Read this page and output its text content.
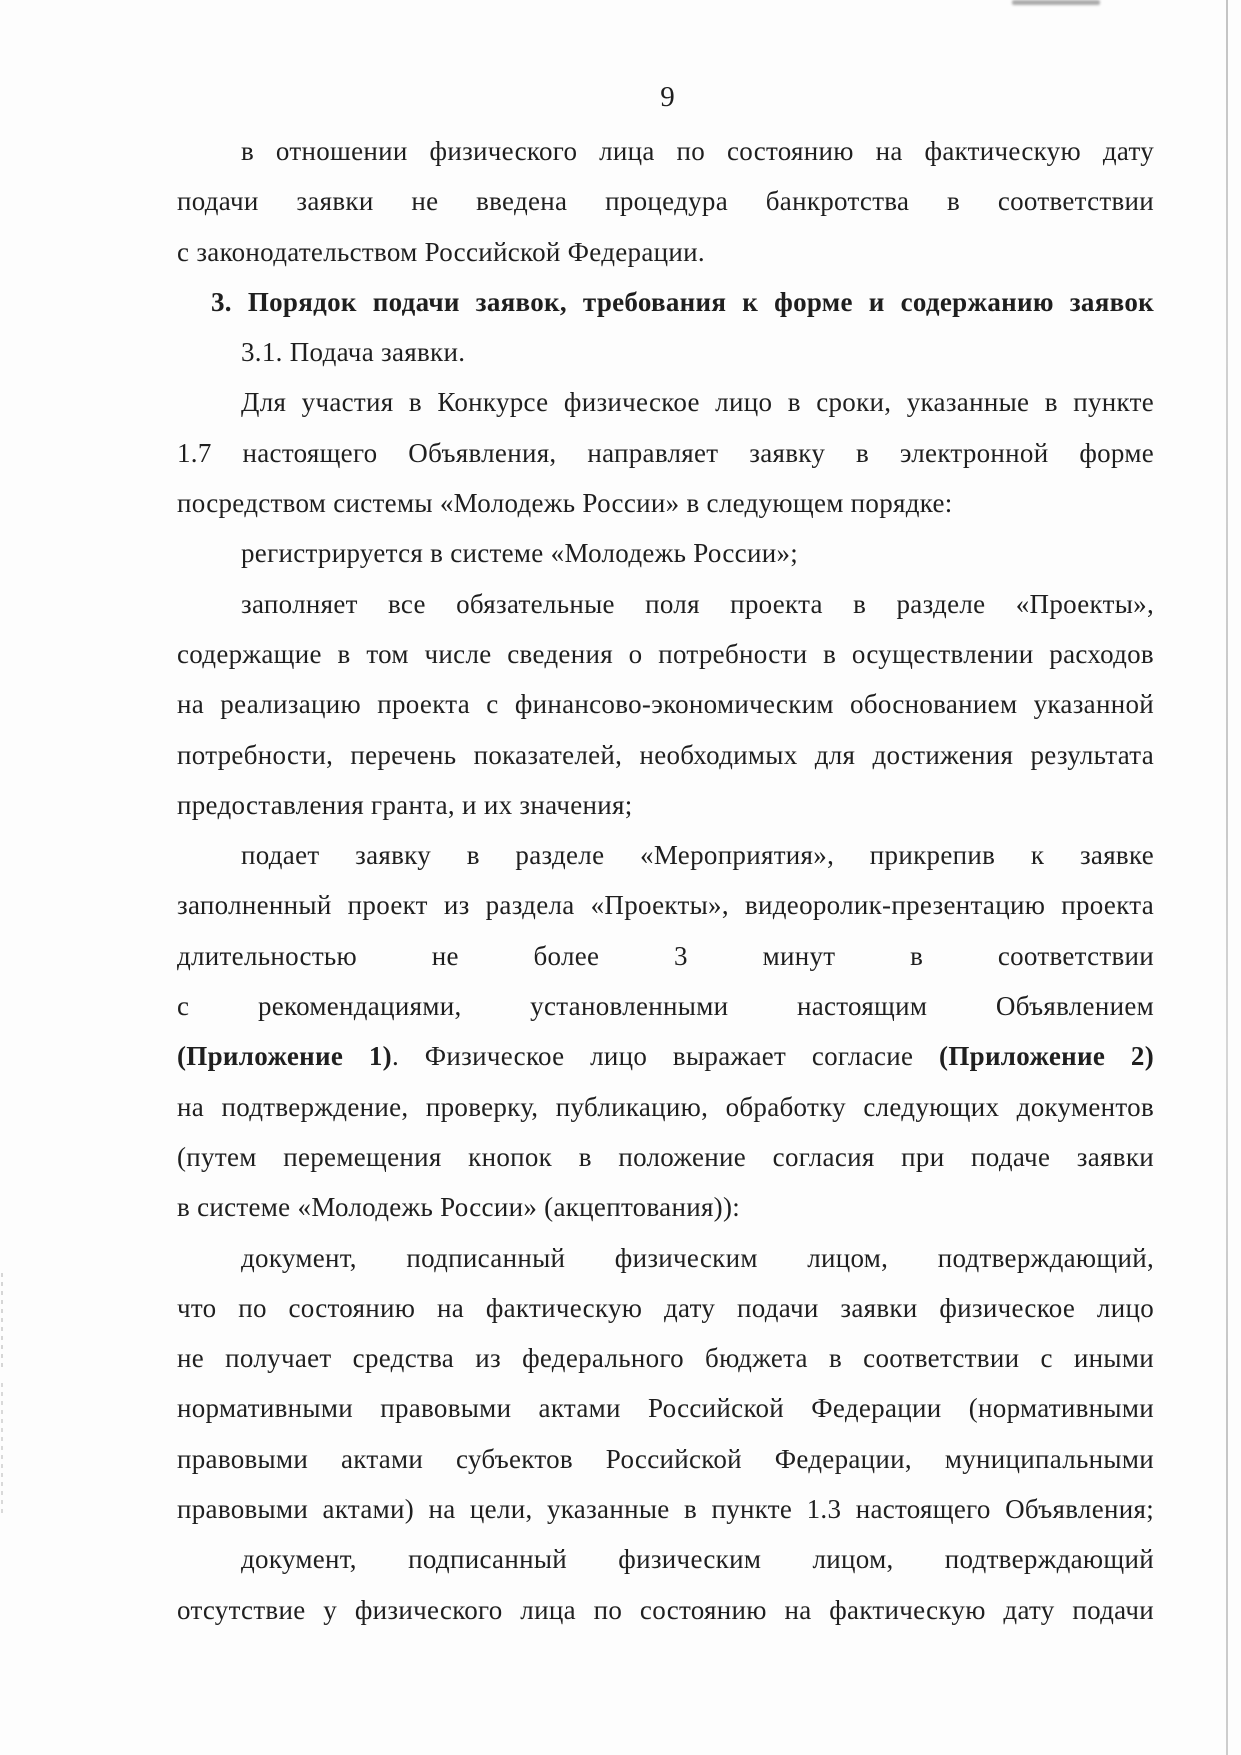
9
в отношении физического лица по состоянию на фактическую дату
подачи заявки не введена процедура банкротства в соответствии
с законодательством Российской Федерации.
3. Порядок подачи заявок, требования к форме и содержанию заявок
3.1. Подача заявки.
Для участия в Конкурсе физическое лицо в сроки, указанные в пункте
1.7 настоящего Объявления, направляет заявку в электронной форме
посредством системы «Молодежь России» в следующем порядке:
регистрируется в системе «Молодежь России»;
заполняет все обязательные поля проекта в разделе «Проекты»,
содержащие в том числе сведения о потребности в осуществлении расходов
на реализацию проекта с финансово-экономическим обоснованием указанной
потребности, перечень показателей, необходимых для достижения результата
предоставления гранта, и их значения;
подает заявку в разделе «Мероприятия», прикрепив к заявке
заполненный проект из раздела «Проекты», видеоролик-презентацию проекта
длительностью не более 3 минут в соответствии
с рекомендациями, установленными настоящим Объявлением
(Приложение 1). Физическое лицо выражает согласие (Приложение 2)
на подтверждение, проверку, публикацию, обработку следующих документов
(путем перемещения кнопок в положение согласия при подаче заявки
в системе «Молодежь России» (акцептования)):
документ, подписанный физическим лицом, подтверждающий,
что по состоянию на фактическую дату подачи заявки физическое лицо
не получает средства из федерального бюджета в соответствии с иными
нормативными правовыми актами Российской Федерации (нормативными
правовыми актами субъектов Российской Федерации, муниципальными
правовыми актами) на цели, указанные в пункте 1.3 настоящего Объявления;
документ, подписанный физическим лицом, подтверждающий
отсутствие у физического лица по состоянию на фактическую дату подачи
